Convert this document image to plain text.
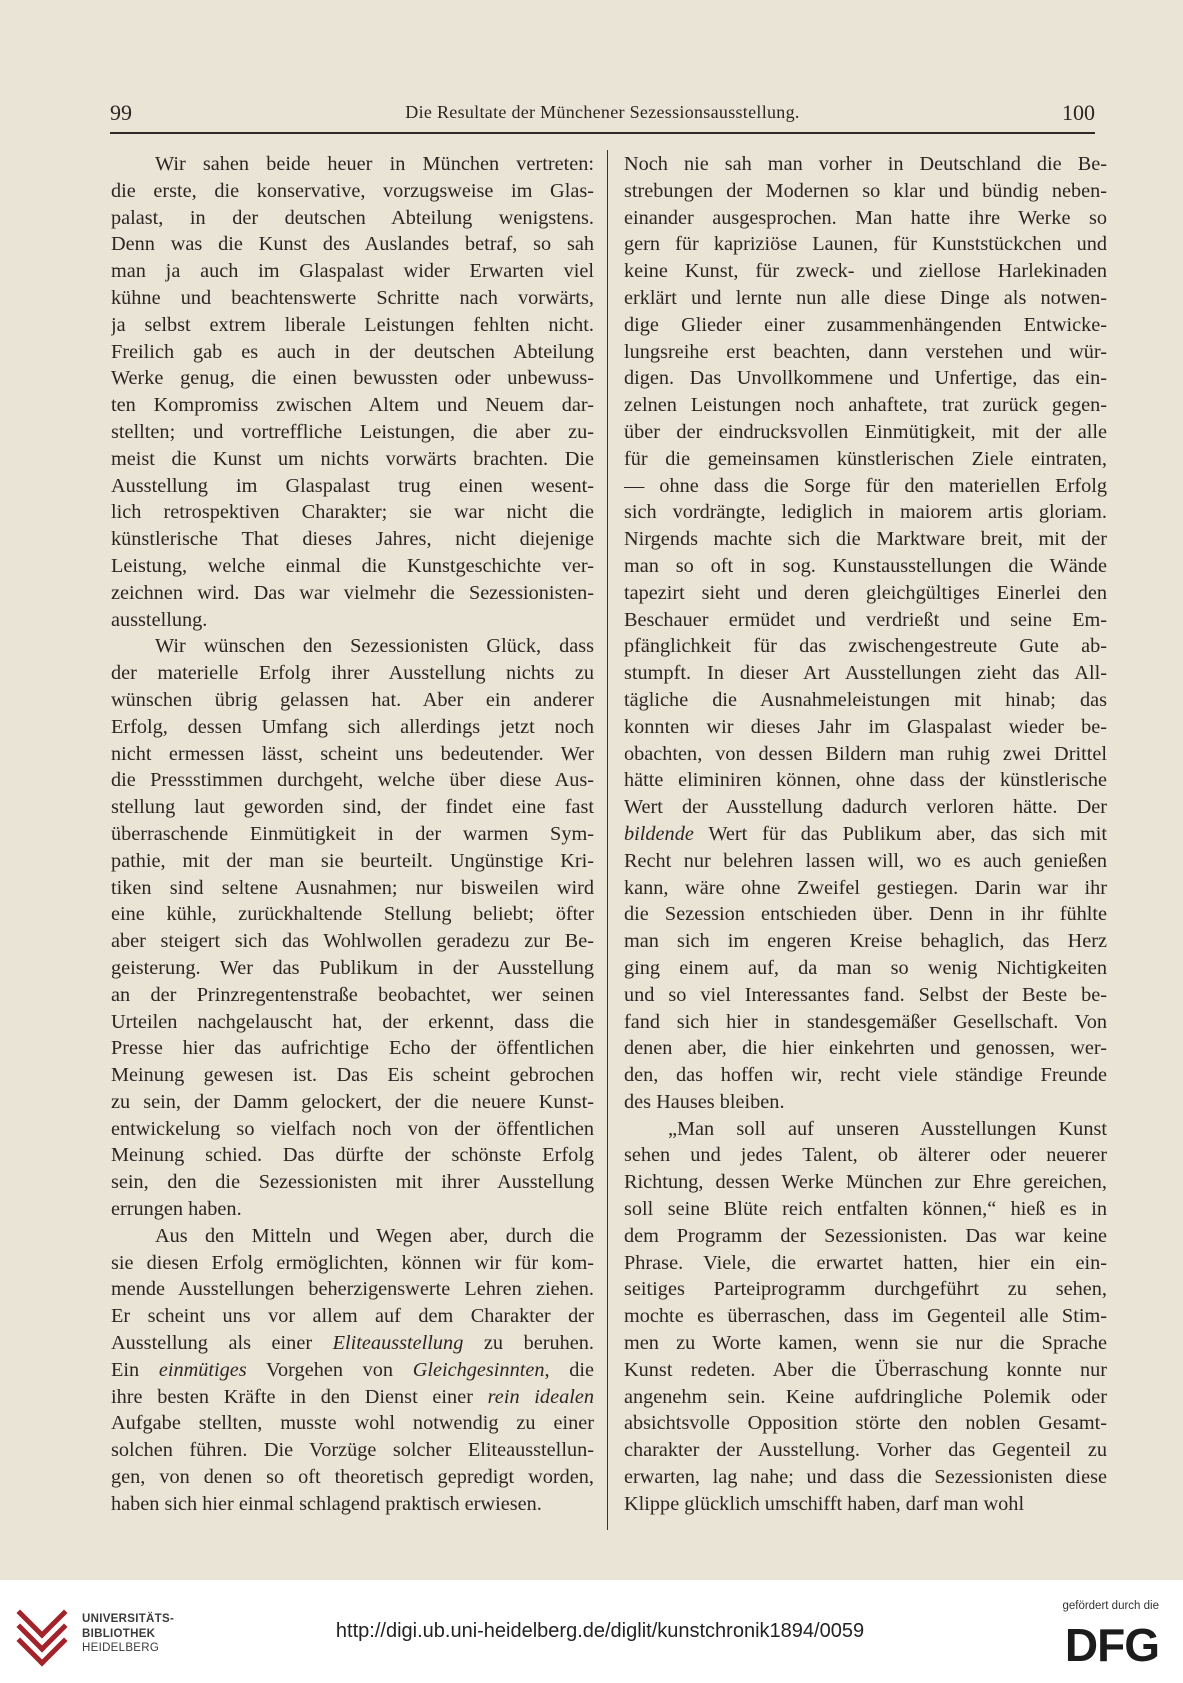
99	Die Resultate der Münchener Sezessionsausstellung.	100
Wir sahen beide heuer in München vertreten:
die erste, die konservative, vorzugsweise im Glas-
palast, in der deutschen Abteilung wenigstens.
Denn was die Kunst des Auslandes betraf, so sah
man ja auch im Glaspalast wider Erwarten viel
kühne und beachtenswerte Schritte nach vorwärts,
ja selbst extrem liberale Leistungen fehlten nicht.
Freilich gab es auch in der deutschen Abteilung
Werke genug, die einen bewussten oder unbewuss-
ten Kompromiss zwischen Altem und Neuem dar-
stellten; und vortreffliche Leistungen, die aber zu-
meist die Kunst um nichts vorwärts brachten. Die
Ausstellung im Glaspalast trug einen wesent-
lich retrospektiven Charakter; sie war nicht die
künstlerische That dieses Jahres, nicht diejenige
Leistung, welche einmal die Kunstgeschichte ver-
zeichnen wird. Das war vielmehr die Sezessionisten-
ausstellung.
Wir wünschen den Sezessionisten Glück, dass
der materielle Erfolg ihrer Ausstellung nichts zu
wünschen übrig gelassen hat. Aber ein anderer
Erfolg, dessen Umfang sich allerdings jetzt noch
nicht ermessen lässt, scheint uns bedeutender. Wer
die Pressstimmen durchgeht, welche über diese Aus-
stellung laut geworden sind, der findet eine fast
überraschende Einmütigkeit in der warmen Sym-
pathie, mit der man sie beurteilt. Ungünstige Kri-
tiken sind seltene Ausnahmen; nur bisweilen wird
eine kühle, zurückhaltende Stellung beliebt; öfter
aber steigert sich das Wohlwollen geradezu zur Be-
geisterung. Wer das Publikum in der Ausstellung
an der Prinzregentenstraße beobachtet, wer seinen
Urteilen nachgelauscht hat, der erkennt, dass die
Presse hier das aufrichtige Echo der öffentlichen
Meinung gewesen ist. Das Eis scheint gebrochen
zu sein, der Damm gelockert, der die neuere Kunst-
entwickelung so vielfach noch von der öffentlichen
Meinung schied. Das dürfte der schönste Erfolg
sein, den die Sezessionisten mit ihrer Ausstellung
errungen haben.
Aus den Mitteln und Wegen aber, durch die
sie diesen Erfolg ermöglichten, können wir für kom-
mende Ausstellungen beherzigenswerte Lehren ziehen.
Er scheint uns vor allem auf dem Charakter der
Ausstellung als einer Eliteausstellung zu beruhen.
Ein einmütiges Vorgehen von Gleichgesinnten, die
ihre besten Kräfte in den Dienst einer rein idealen
Aufgabe stellten, musste wohl notwendig zu einer
solchen führen. Die Vorzüge solcher Eliteausstellun-
gen, von denen so oft theoretisch gepredigt worden,
haben sich hier einmal schlagend praktisch erwiesen.
Noch nie sah man vorher in Deutschland die Be-
strebungen der Modernen so klar und bündig neben-
einander ausgesprochen. Man hatte ihre Werke so
gern für kapriziöse Launen, für Kunststückchen und
keine Kunst, für zweck- und ziellose Harlekinaden
erklärt und lernte nun alle diese Dinge als notwen-
dige Glieder einer zusammenhängenden Entwicke-
lungsreihe erst beachten, dann verstehen und wür-
digen. Das Unvollkommene und Unfertige, das ein-
zelnen Leistungen noch anhaftete, trat zurück gegen-
über der eindrucksvollen Einmütigkeit, mit der alle
für die gemeinsamen künstlerischen Ziele eintraten,
— ohne dass die Sorge für den materiellen Erfolg
sich vordrängte, lediglich in maiorem artis gloriam.
Nirgends machte sich die Marktware breit, mit der
man so oft in sog. Kunstausstellungen die Wände
tapezirt sieht und deren gleichgültiges Einerlei den
Beschauer ermüdet und verdrießt und seine Em-
pfänglichkeit für das zwischengestreute Gute ab-
stumpft. In dieser Art Ausstellungen zieht das All-
tägliche die Ausnahmeleistungen mit hinab; das
konnten wir dieses Jahr im Glaspalast wieder be-
obachten, von dessen Bildern man ruhig zwei Drittel
hätte eliminiren können, ohne dass der künstlerische
Wert der Ausstellung dadurch verloren hätte. Der
bildende Wert für das Publikum aber, das sich mit
Recht nur belehren lassen will, wo es auch genießen
kann, wäre ohne Zweifel gestiegen. Darin war ihr
die Sezession entschieden über. Denn in ihr fühlte
man sich im engeren Kreise behaglich, das Herz
ging einem auf, da man so wenig Nichtigkeiten
und so viel Interessantes fand. Selbst der Beste be-
fand sich hier in standesgemäßer Gesellschaft. Von
denen aber, die hier einkehrten und genossen, wer-
den, das hoffen wir, recht viele ständige Freunde
des Hauses bleiben.
„Man soll auf unseren Ausstellungen Kunst
sehen und jedes Talent, ob älterer oder neuerer
Richtung, dessen Werke München zur Ehre gereichen,
soll seine Blüte reich entfalten können,“ hieß es in
dem Programm der Sezessionisten. Das war keine
Phrase. Viele, die erwartet hatten, hier ein ein-
seitiges Parteiprogramm durchgeführt zu sehen,
mochte es überraschen, dass im Gegenteil alle Stim-
men zu Worte kamen, wenn sie nur die Sprache
Kunst redeten. Aber die Überraschung konnte nur
angenehm sein. Keine aufdringliche Polemik oder
absichtsvolle Opposition störte den noblen Gesamt-
charakter der Ausstellung. Vorher das Gegenteil zu
erwarten, lag nahe; und dass die Sezessionisten diese
Klippe glücklich umschifft haben, darf man wohl
UNIVERSITÄTS-
BIBLIOTHEK
HEIDELBERG
http://digi.ub.uni-heidelberg.de/diglit/kunstchronik1894/0059
gefördert durch die
DFG
